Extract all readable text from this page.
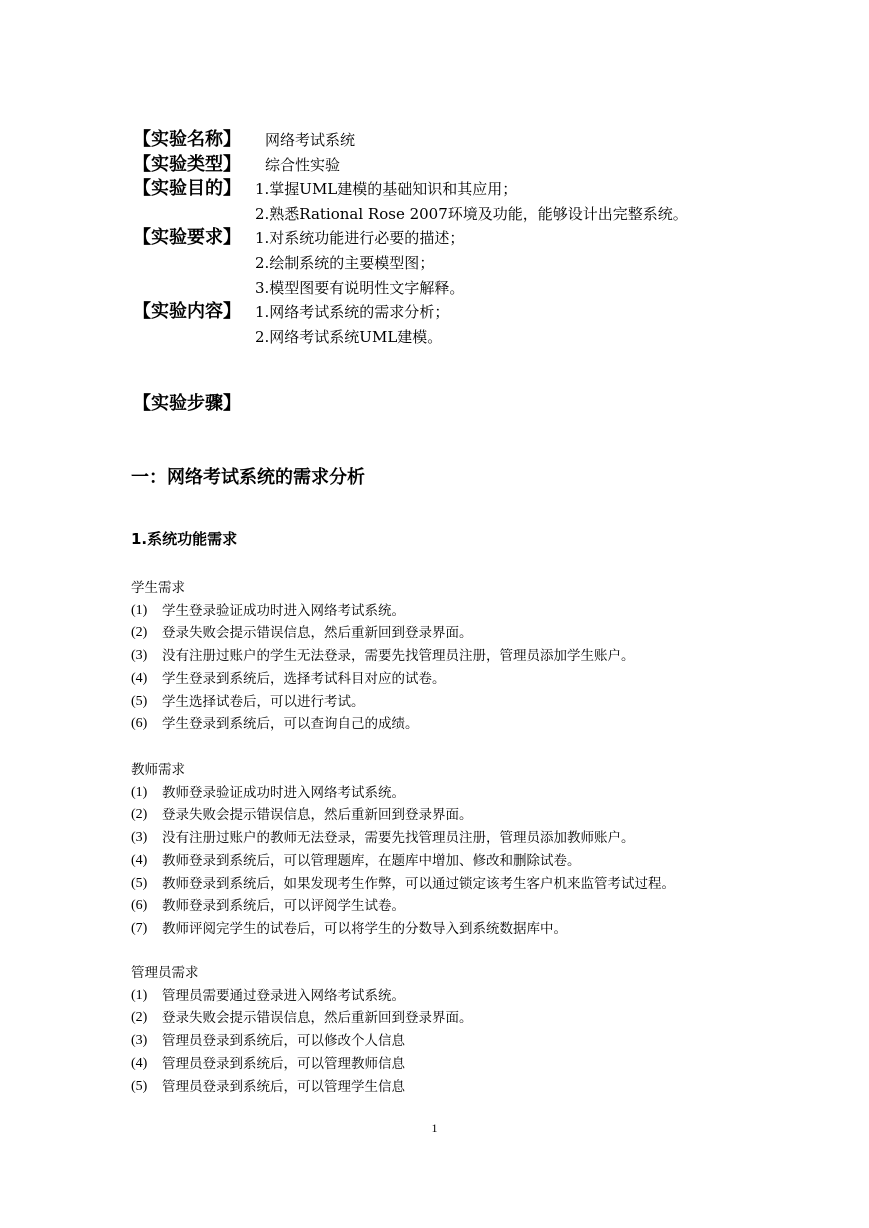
【实验名称】	网络考试系统
【实验类型】	综合性实验
【实验目的】 1.掌握UML建模的基础知识和其应用；
2.熟悉Rational Rose 2007环境及功能，能够设计出完整系统。
【实验要求】 1.对系统功能进行必要的描述；
2.绘制系统的主要模型图；
3.模型图要有说明性文字解释。
【实验内容】 1.网络考试系统的需求分析；
2.网络考试系统UML建模。
【实验步骤】
一：网络考试系统的需求分析
1.系统功能需求
学生需求
(1)	学生登录验证成功时进入网络考试系统。
(2)	登录失败会提示错误信息，然后重新回到登录界面。
(3)	没有注册过账户的学生无法登录，需要先找管理员注册，管理员添加学生账户。
(4)	学生登录到系统后，选择考试科目对应的试卷。
(5)	学生选择试卷后，可以进行考试。
(6)	学生登录到系统后，可以查询自己的成绩。
教师需求
(1)	教师登录验证成功时进入网络考试系统。
(2)	登录失败会提示错误信息，然后重新回到登录界面。
(3)	没有注册过账户的教师无法登录，需要先找管理员注册，管理员添加教师账户。
(4)	教师登录到系统后，可以管理题库，在题库中增加、修改和删除试卷。
(5)	教师登录到系统后，如果发现考生作弊，可以通过锁定该考生客户机来监管考试过程。
(6)	教师登录到系统后，可以评阅学生试卷。
(7)	教师评阅完学生的试卷后，可以将学生的分数导入到系统数据库中。
管理员需求
(1)	管理员需要通过登录进入网络考试系统。
(2)	登录失败会提示错误信息，然后重新回到登录界面。
(3)	管理员登录到系统后，可以修改个人信息
(4)	管理员登录到系统后，可以管理教师信息
(5)	管理员登录到系统后，可以管理学生信息
1
